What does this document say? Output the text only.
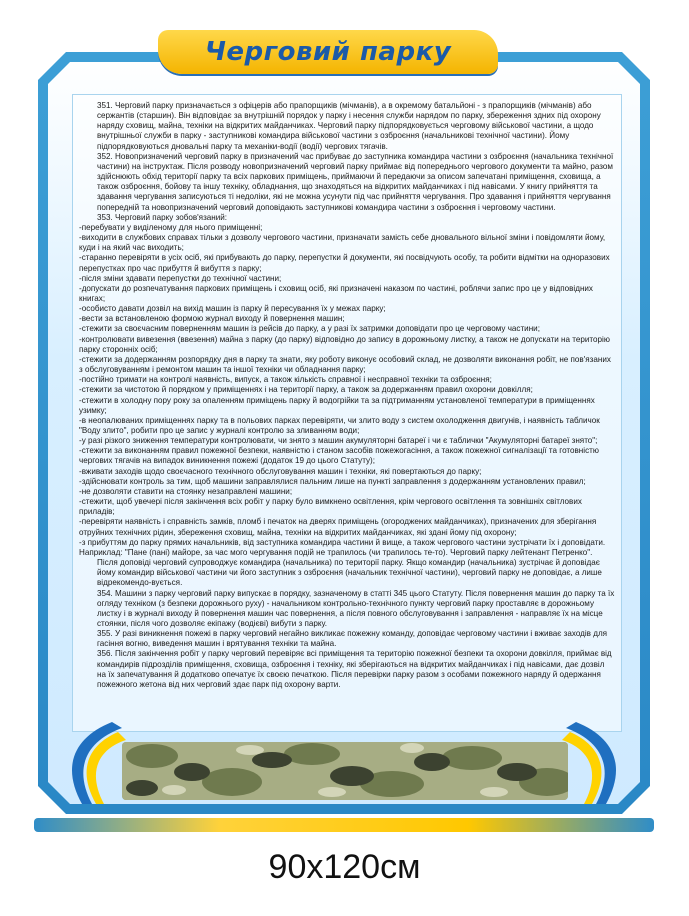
Черговий парку
351. Черговий парку призначається з офіцерів або прапорщиків (мічманів), а в окремому батальйоні - з прапорщиків (мічманів) або сержантів (старшин). Він відповідає за внутрішній порядок у парку і несення служби нарядом по парку, збереження здних під охорону наряду сховищ, майна, техніки на відкритих майданчиках. Черговий парку підпорядковується черговому військової частини, а щодо внутрішньої служби в парку - заступникові командира військової частини з озброєння (начальникові технічної частини). Йому підпорядковуються дновальні парку та механіки-водії (водії) чергових тягачів.
352. Новопризначений черговий парку в призначений час прибуває до заступника командира частини з озброєння (начальника технічної частини) на інструктаж. Після розводу новопризначений черговий парку приймає від попереднього чергового документи та майно, разом здійснюють обхід території парку та всіх паркових приміщень, приймаючи й передаючи за описом запечатані приміщення, сховища, а також озброєння, бойову та іншу техніку, обладнання, що знаходяться на відкритих майданчиках і під навісами. У книгу прийняття та здавання чергування записуються ті недоліки, які не можна усунути під час прийняття чергування. Про здавання і прийняття чергування попередній та новопризначений черговий доповідають заступникові командира частини з озброєння і черговому частини.
353. Черговий парку зобов'язаний:
-перебувати у виділеному для нього приміщенні;
-виходити в службових справах тільки з дозволу чергового частини, призначати замість себе дновального вільної зміни і повідомляти йому, куди і на який час виходить;
-старанно перевіряти в усіх осіб, які прибувають до парку, перепустки й документи, які посвідчують особу, та робити відмітки на одноразових перепустках про час прибуття й вибуття з парку;
-після зміни здавати перепустки до технічної частини;
-допускати до розпечатування паркових приміщень і сховищ осіб, які призначені наказом по частині, роблячи запис про це у відповідних книгах;
-особисто давати дозвіл на вихід машин із парку й пересування їх у межах парку;
-вести за встановленою формою журнал виходу й повернення машин;
-стежити за своєчасним поверненням машин із рейсів до парку, а у разі їх затримки доповідати про це черговому частини;
-контролювати вивезення (ввезення) майна з парку (до парку) відповідно до запису в дорожньому листку, а також не допускати на територію парку сторонніх осіб;
-стежити за додержанням розпорядку дня в парку та знати, яку роботу виконує особовий склад, не дозволяти виконання робіт, не пов'язаних з обслуговуванням і ремонтом машин та іншої техніки чи обладнання парку;
-постійно тримати на контролі наявність, випуск, а також кількість справної і несправної техніки та озброєння;
-стежити за чистотою й порядком у приміщеннях і на території парку, а також за додержанням правил охорони довкілля;
-стежити в холодну пору року за опаленням приміщень парку й водогрійки та за підтриманням установленої температури в приміщеннях узимку;
-в неопалюваних приміщеннях парку та в польових парках перевіряти, чи злито воду з систем охолодження двигунів, і наявність табличок "Воду злито", робити про це запис у журналі контролю за зливанням води;
-у разі різкого зниження температури контролювати, чи знято з машин акумуляторні батареї і чи є таблички "Акумуляторні батареї знято";
-стежити за виконанням правил пожежної безпеки, наявністю і станом засобів пожежогасіння, а також пожежної сигналізації та готовністю чергових тягачів на випадок виникнення пожежі (додаток 19 до цього Статуту);
-вживати заходів щодо своєчасного технічного обслуговування машин і техніки, які повертаються до парку;
-здійснювати контроль за тим, щоб машини заправлялися пальним лише на пункті заправлення з додержанням установлених правил;
-не дозволяти ставити на стоянку незаправлені машини;
-стежити, щоб увечері після закінчення всіх робіт у парку було вимкнено освітлення, крім чергового освітлення та зовнішніх світлових приладів;
-перевіряти наявність і справність замків, пломб і печаток на дверях приміщень (огороджених майданчиках), призначених для зберігання отруйних технічних рідин, збереження сховищ, майна, техніки на відкритих майданчиках, які здані йому під охорону;
-з прибуттям до парку прямих начальників, від заступника командира частини й вище, а також чергового частини зустрічати їх і доповідати. Наприклад: "Пане (пані) майоре, за час мого чергування подій не трапилось (чи трапилось те-то). Черговий парку лейтенант Петренко".
Після доповіді черговий супроводжує командира (начальника) по території парку. Якщо командир (начальника) зустрічає й доповідає йому командир військової частини чи його заступник з озброєння (начальник технічної частини), черговий парку не доповідає, а лише відрекомендо-вується.
354. Машини з парку черговий парку випускає в порядку, зазначеному в статті 345 цього Статуту. Після повернення машин до парку та їх огляду техніком (з безпеки дорожнього руху) - начальником контрольно-технічного пункту черговий парку проставляє в дорожньому листку і в журналі виходу й повернення машин час повернення, а після повного обслуговування і заправлення - направляє їх на місце стоянки, після чого дозволяє екіпажу (водієві) вибути з парку.
355. У разі виникнення пожежі в парку черговий негайно викликає пожежну команду, доповідає черговому частини і вживає заходів для гасіння вогню, виведення машин і врятування техніки та майна.
356. Після закінчення робіт у парку черговий перевіряє всі приміщення та територію пожежної безпеки та охорони довкілля, приймає від командирів підрозділів приміщення, сховища, озброєння і техніку, які зберігаються на відкритих майданчиках і під навісами, дає дозвіл на їх запечатування й додатково опечатує їх своєю печаткою. Після перевірки парку разом з особами пожежного наряду й одержання пожежного жетона від них черговий здає парк під охорону варти.
90x120см
